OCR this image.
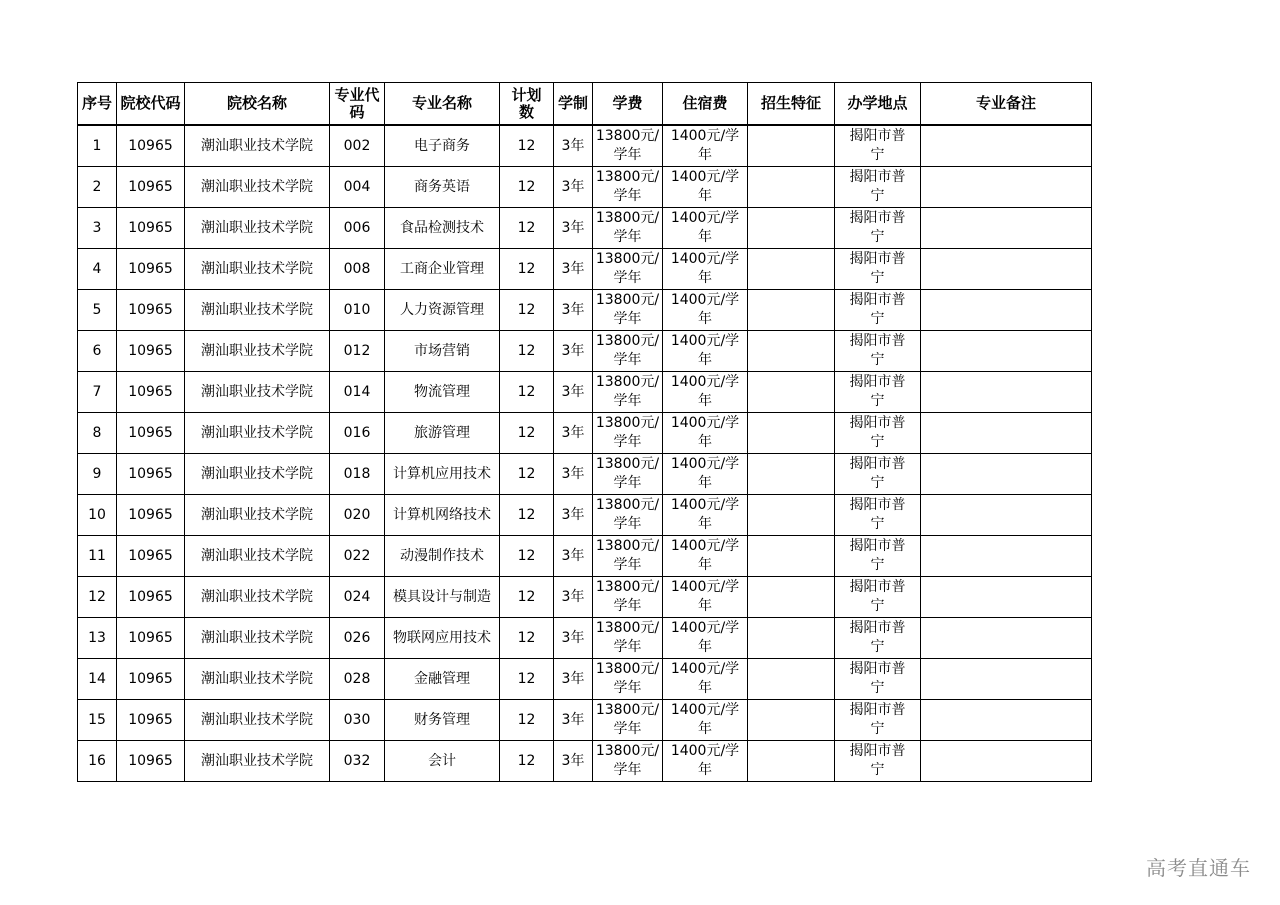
序号	院校代码	院校名称	专业代码	专业名称	计划数	学制	学费	住宿费	招生特征	办学地点	专业备注
1	10965	潮汕职业技术学院	002	电子商务	12	3年	13800元/学年	1400元/学年		揭阳市普宁	
2	10965	潮汕职业技术学院	004	商务英语	12	3年	13800元/学年	1400元/学年		揭阳市普宁	
3	10965	潮汕职业技术学院	006	食品检测技术	12	3年	13800元/学年	1400元/学年		揭阳市普宁	
4	10965	潮汕职业技术学院	008	工商企业管理	12	3年	13800元/学年	1400元/学年		揭阳市普宁	
5	10965	潮汕职业技术学院	010	人力资源管理	12	3年	13800元/学年	1400元/学年		揭阳市普宁	
6	10965	潮汕职业技术学院	012	市场营销	12	3年	13800元/学年	1400元/学年		揭阳市普宁	
7	10965	潮汕职业技术学院	014	物流管理	12	3年	13800元/学年	1400元/学年		揭阳市普宁	
8	10965	潮汕职业技术学院	016	旅游管理	12	3年	13800元/学年	1400元/学年		揭阳市普宁	
9	10965	潮汕职业技术学院	018	计算机应用技术	12	3年	13800元/学年	1400元/学年		揭阳市普宁	
10	10965	潮汕职业技术学院	020	计算机网络技术	12	3年	13800元/学年	1400元/学年		揭阳市普宁	
11	10965	潮汕职业技术学院	022	动漫制作技术	12	3年	13800元/学年	1400元/学年		揭阳市普宁	
12	10965	潮汕职业技术学院	024	模具设计与制造	12	3年	13800元/学年	1400元/学年		揭阳市普宁	
13	10965	潮汕职业技术学院	026	物联网应用技术	12	3年	13800元/学年	1400元/学年		揭阳市普宁	
14	10965	潮汕职业技术学院	028	金融管理	12	3年	13800元/学年	1400元/学年		揭阳市普宁	
15	10965	潮汕职业技术学院	030	财务管理	12	3年	13800元/学年	1400元/学年		揭阳市普宁	
16	10965	潮汕职业技术学院	032	会计	12	3年	13800元/学年	1400元/学年		揭阳市普宁	
高考直通车
